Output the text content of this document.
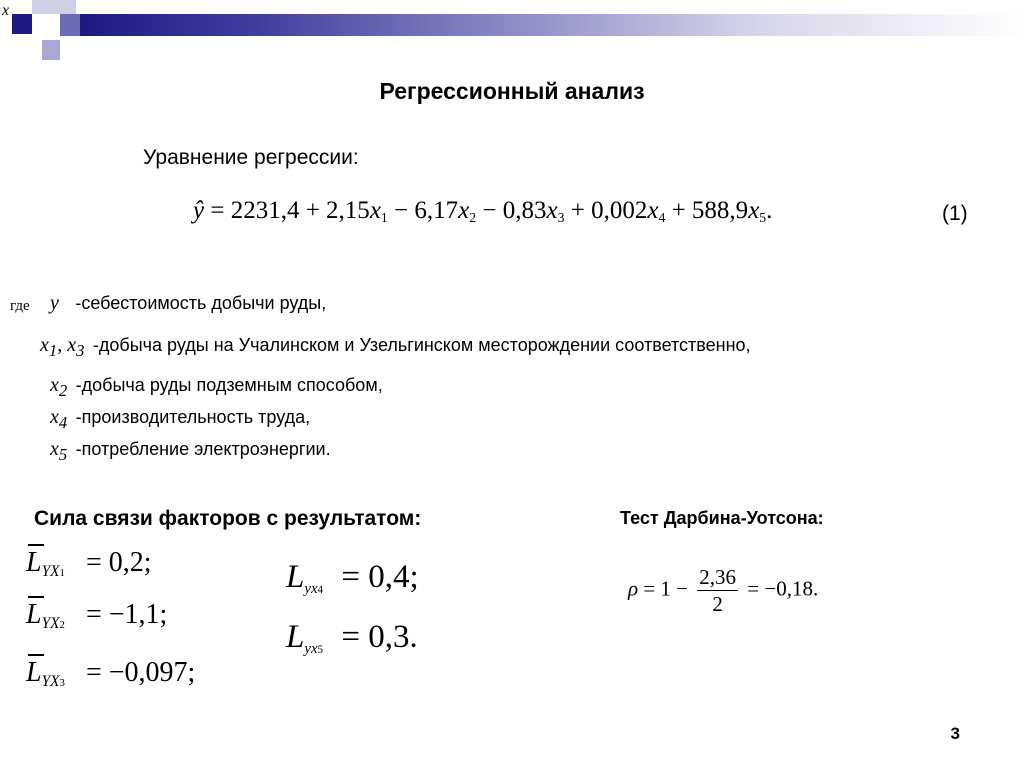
x
Регрессионный анализ
Уравнение регрессии:
ŷ = $2231,4 + 2,15x_1 - 6,17x_2 - 0,83x_3 + 0,002x_4 + 588,9x_5$.	(1)
где y -себестоимость добычи руды,
$x_1$, $x_3$ -добыча руды на Учалинском и Узельгинском месторождении соответственно,
$x_2$ -добыча руды подземным способом,
$x_4$ -производительность труда,
$x_5$ -потребление электроэнергии.
Сила связи факторов с результатом:
$L_{YX1} = 0,2$;
$L_{YX2} = -1,1$;
$L_{YX3} = -0,097$;
$L_{yx4} = 0,4$;
$L_{yx5} = 0,3$.
Тест Дарбина-Уотсона:
$\rho = 1 - \frac{2,36}{2} = -0,18$.
3
